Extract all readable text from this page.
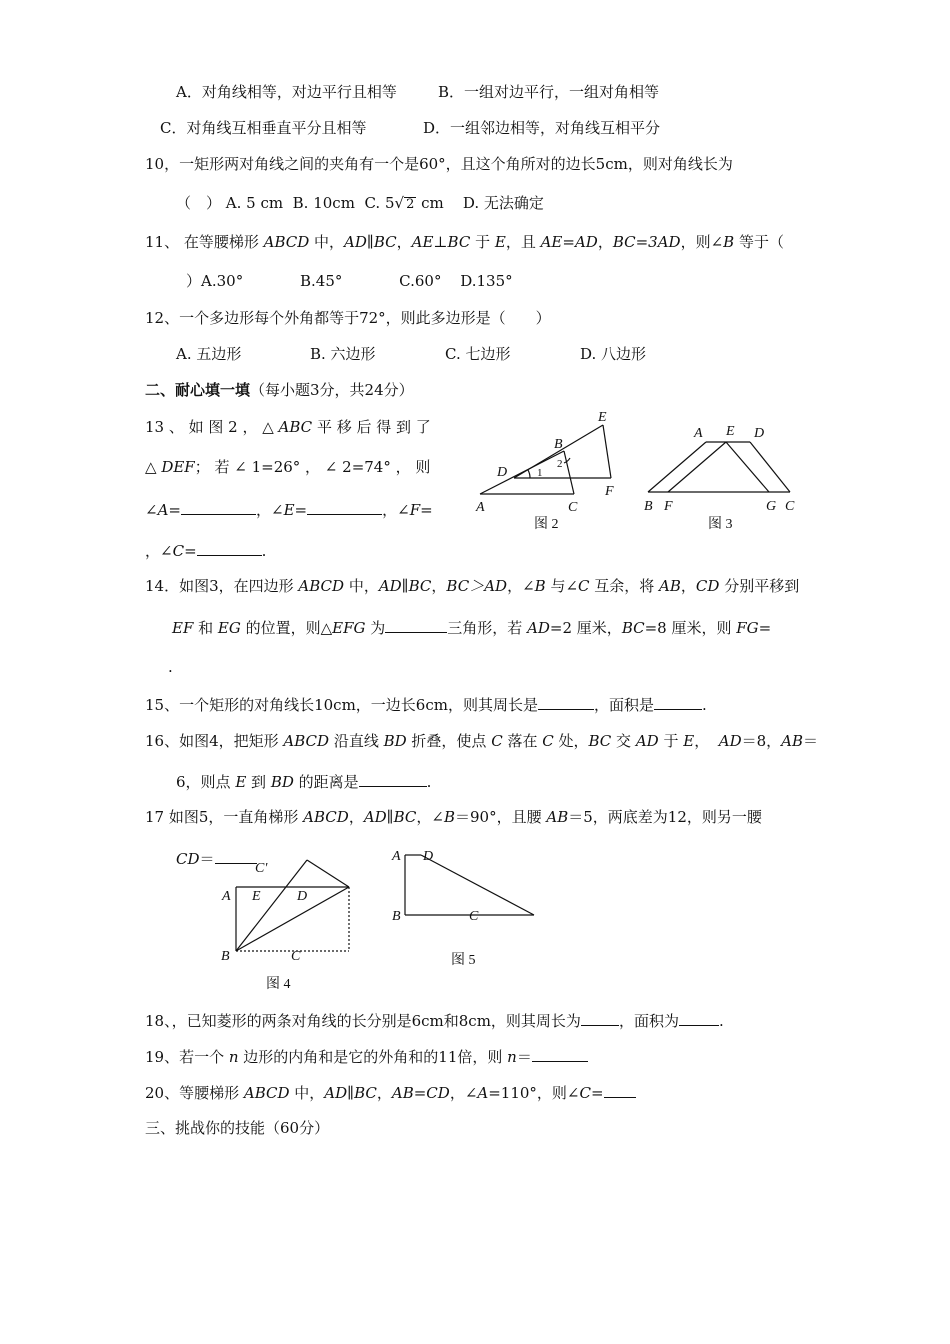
A．对角线相等，对边平行且相等	B．一组对边平行，一组对角相等
C．对角线互相垂直平分且相等	D．一组邻边相等，对角线互相平分
10，一矩形两对角线之间的夹角有一个是60°，且这个角所对的边长5cm，则对角线长为
（　） A. 5 cm B. 10cm C. 5√ 2 cm D. 无法确定
11、 在等腰梯形 ABCD 中，AD∥BC，AE⊥BC 于 E，且 AE=AD，BC=3AD，则∠B 等于（
）A.30°	B.45°	C.60° D.135°
12、一个多边形每个外角都等于72°，则此多边形是（　　）
A. 五边形	B. 六边形	C. 七边形	D. 八边形
二、耐心填一填（每小题3分，共24分）
13 、 如 图 2 ， △ ABC 平 移 后 得 到 了
△ DEF； 若 ∠ 1=26° ， ∠ 2=74° ， 则
∠A=	，∠E=	，∠F=
，∠C=	.
E
B
D	1
2
F
A	C
图 2
A E D
B F	G C
图 3
14．如图3，在四边形 ABCD 中，AD∥BC，BC＞AD，∠B 与∠C 互余，将 AB，CD 分别平移到
EF 和 EG 的位置，则△EFG 为	三角形，若 AD=2 厘米，BC=8 厘米，则 FG=
.
15、一个矩形的对角线长10cm，一边长6cm，则其周长是	，面积是	.
16、如图4，把矩形 ABCD 沿直线 BD 折叠，使点 C 落在 C 处，BC 交 AD 于 E， AD＝8，AB＝
6，则点 E 到 BD 的距离是	.
17 如图5，一直角梯形 ABCD，AD∥BC，∠B＝90°，且腰 AB＝5，两底差为12，则另一腰
CD＝
C'
A E	D
B	C
图 4
A D
B	C
图 5
18、，已知菱形的两条对角线的长分别是6cm和8cm，则其周长为	，面积为	.
19、若一个 n 边形的内角和是它的外角和的11倍，则 n＝
20、等腰梯形 ABCD 中，AD∥BC，AB=CD，∠A=110°，则∠C=
三、挑战你的技能（60分）
